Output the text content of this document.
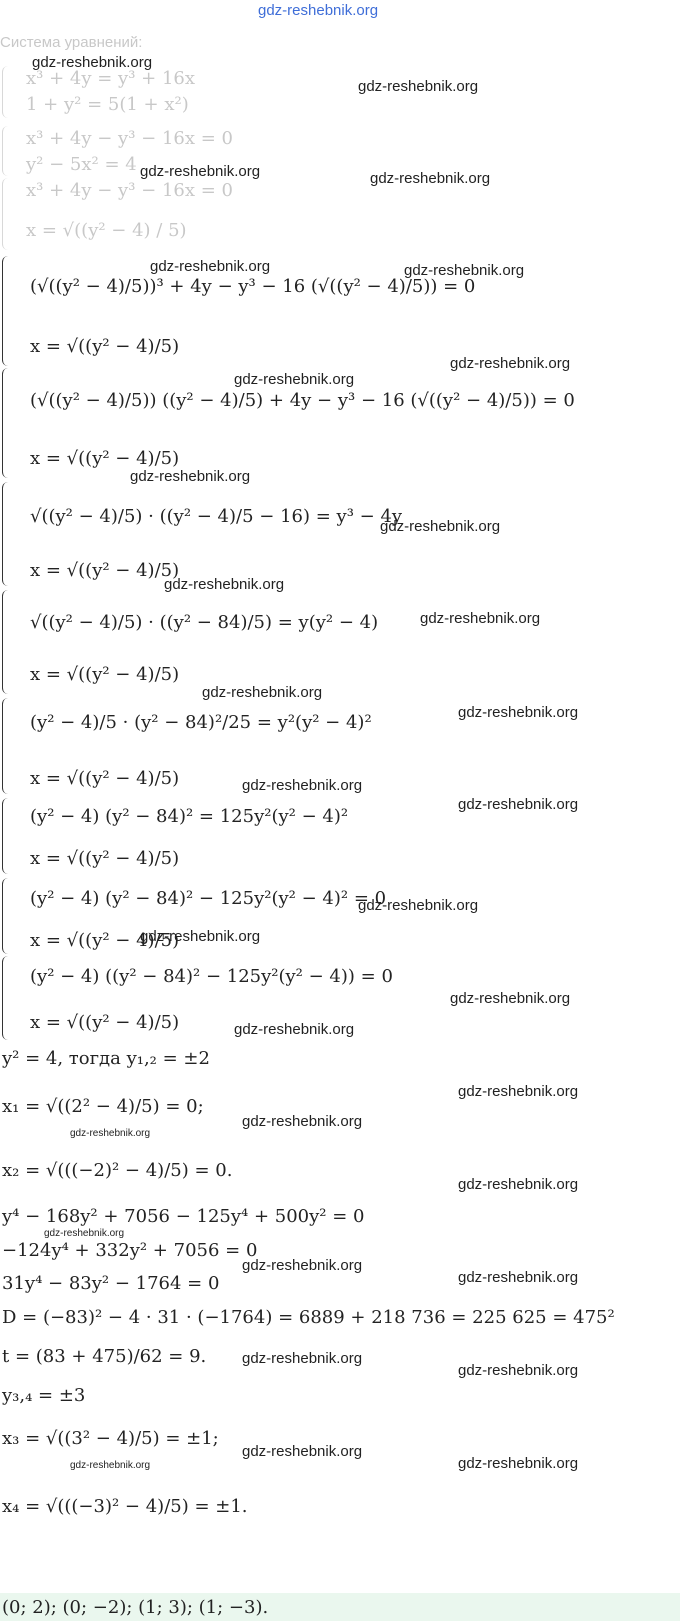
gdz-reshebnik.org
Система уравнений:
x³ + 4y = y³ + 16x
1 + y² = 5(1 + x²)
x³ + 4y − y³ − 16x = 0
y² − 5x² = 4
x³ + 4y − y³ − 16x = 0
x = √((y² − 4) / 5)
(√((y² − 4)/5))³ + 4y − y³ − 16 (√((y² − 4)/5)) = 0
x = √((y² − 4)/5)
(√((y² − 4)/5)) ((y² − 4)/5) + 4y − y³ − 16 (√((y² − 4)/5)) = 0
x = √((y² − 4)/5)
√((y² − 4)/5) · ((y² − 4)/5 − 16) = y³ − 4y
x = √((y² − 4)/5)
√((y² − 4)/5) · ((y² − 84)/5) = y(y² − 4)
x = √((y² − 4)/5)
(y² − 4)/5 · (y² − 84)²/25 = y²(y² − 4)²
x = √((y² − 4)/5)
(y² − 4) (y² − 84)² = 125y²(y² − 4)²
x = √((y² − 4)/5)
(y² − 4) (y² − 84)² − 125y²(y² − 4)² = 0
x = √((y² − 4)/5)
(y² − 4) ((y² − 84)² − 125y²(y² − 4)) = 0
x = √((y² − 4)/5)
y² = 4, тогда y₁,₂ = ±2
x₁ = √((2² − 4)/5) = 0;
x₂ = √(((−2)² − 4)/5) = 0.
y⁴ − 168y² + 7056 − 125y⁴ + 500y² = 0
−124y⁴ + 332y² + 7056 = 0
31y⁴ − 83y² − 1764 = 0
D = (−83)² − 4 · 31 · (−1764) = 6889 + 218 736 = 225 625 = 475²
t = (83 + 475)/62 = 9.
y₃,₄ = ±3
x₃ = √((3² − 4)/5) = ±1;
x₄ = √(((−3)² − 4)/5) = ±1.
(0; 2); (0; −2); (1; 3); (1; −3).
gdz-reshebnik.org
gdz-reshebnik.org
gdz-reshebnik.org	gdz-reshebnik.org
gdz-reshebnik.org	gdz-reshebnik.org
gdz-reshebnik.org
gdz-reshebnik.org
gdz-reshebnik.org
gdz-reshebnik.org
gdz-reshebnik.org
gdz-reshebnik.org
gdz-reshebnik.org
gdz-reshebnik.org
gdz-reshebnik.org
gdz-reshebnik.org
gdz-reshebnik.org
gdz-reshebnik.org
gdz-reshebnik.org
gdz-reshebnik.org
gdz-reshebnik.org
gdz-reshebnik.org
gdz-reshebnik.org
gdz-reshebnik.org
gdz-reshebnik.org
gdz-reshebnik.org
gdz-reshebnik.org
gdz-reshebnik.org
gdz-reshebnik.org
gdz-reshebnik.org
gdz-reshebnik.org	gdz-reshebnik.org
